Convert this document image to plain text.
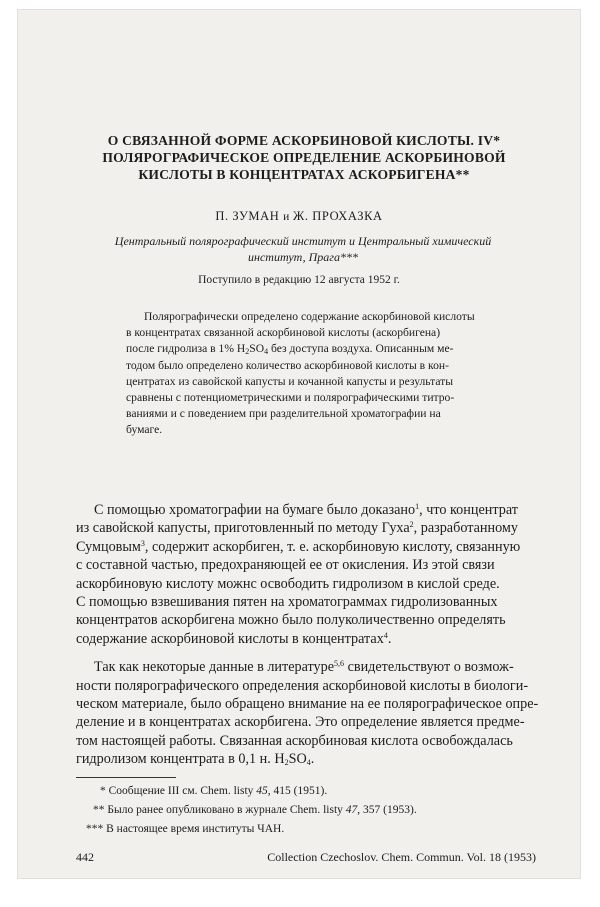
О СВЯЗАННОЙ ФОРМЕ АСКОРБИНОВОЙ КИСЛОТЫ. IV*
ПОЛЯРОГРАФИЧЕСКОЕ ОПРЕДЕЛЕНИЕ АСКОРБИНОВОЙ
КИСЛОТЫ В КОНЦЕНТРАТАХ АСКОРБИГЕНА**
П. ЗУМАН и Ж. ПРОХАЗКА
Центральный полярографический институт и Центральный химический
институт, Прага***
Поступило в редакцию 12 августа 1952 г.
Полярографически определено содержание аскорбиновой кислоты
в концентратах связанной аскорбиновой кислоты (аскорбигена)
после гидролиза в 1% $H_2SO_4$ без доступа воздуха. Описанным ме-
тодом было определено количество аскорбиновой кислоты в кон-
центратах из савойской капусты и кочанной капусты и результаты
сравнены с потенциометрическими и полярографическими титро-
ваниями и с поведением при разделительной хроматографии на
бумаге.
С помощью хроматографии на бумаге было доказано$^1$, что концентрат
из савойской капусты, приготовленный по методу Гуха$^2$, разработанному
Сумцовым$^3$, содержит аскорбиген, т. е. аскорбиновую кислоту, связанную
с составной частью, предохраняющей ее от окисления. Из этой связи
аскорбиновую кислоту можнс освободить гидролизом в кислой среде.
С помощью взвешивания пятен на хроматограммах гидролизованных
концентратов аскорбигена можно было полуколичественно определять
содержание аскорбиновой кислоты в концентратах$^4$.
Так как некоторые данные в литературе$^{5,6}$ свидетельствуют о возмож-
ности полярографического определения аскорбиновой кислоты в биологи-
ческом материале, было обращено внимание на ее полярографическое опре-
деление и в концентратах аскорбигена. Это определение является предме-
том настоящей работы. Связанная аскорбиновая кислота освобождалась
гидролизом концентрата в 0,1 н. $H_2SO_4$.
* Сообщение III см. Chem. listy 45, 415 (1951).
** Было ранее опубликовано в журнале Chem. listy 47, 357 (1953).
*** В настоящее время институты ЧАН.
442	Collection Czechoslov. Chem. Commun. Vol. 18 (1953)
